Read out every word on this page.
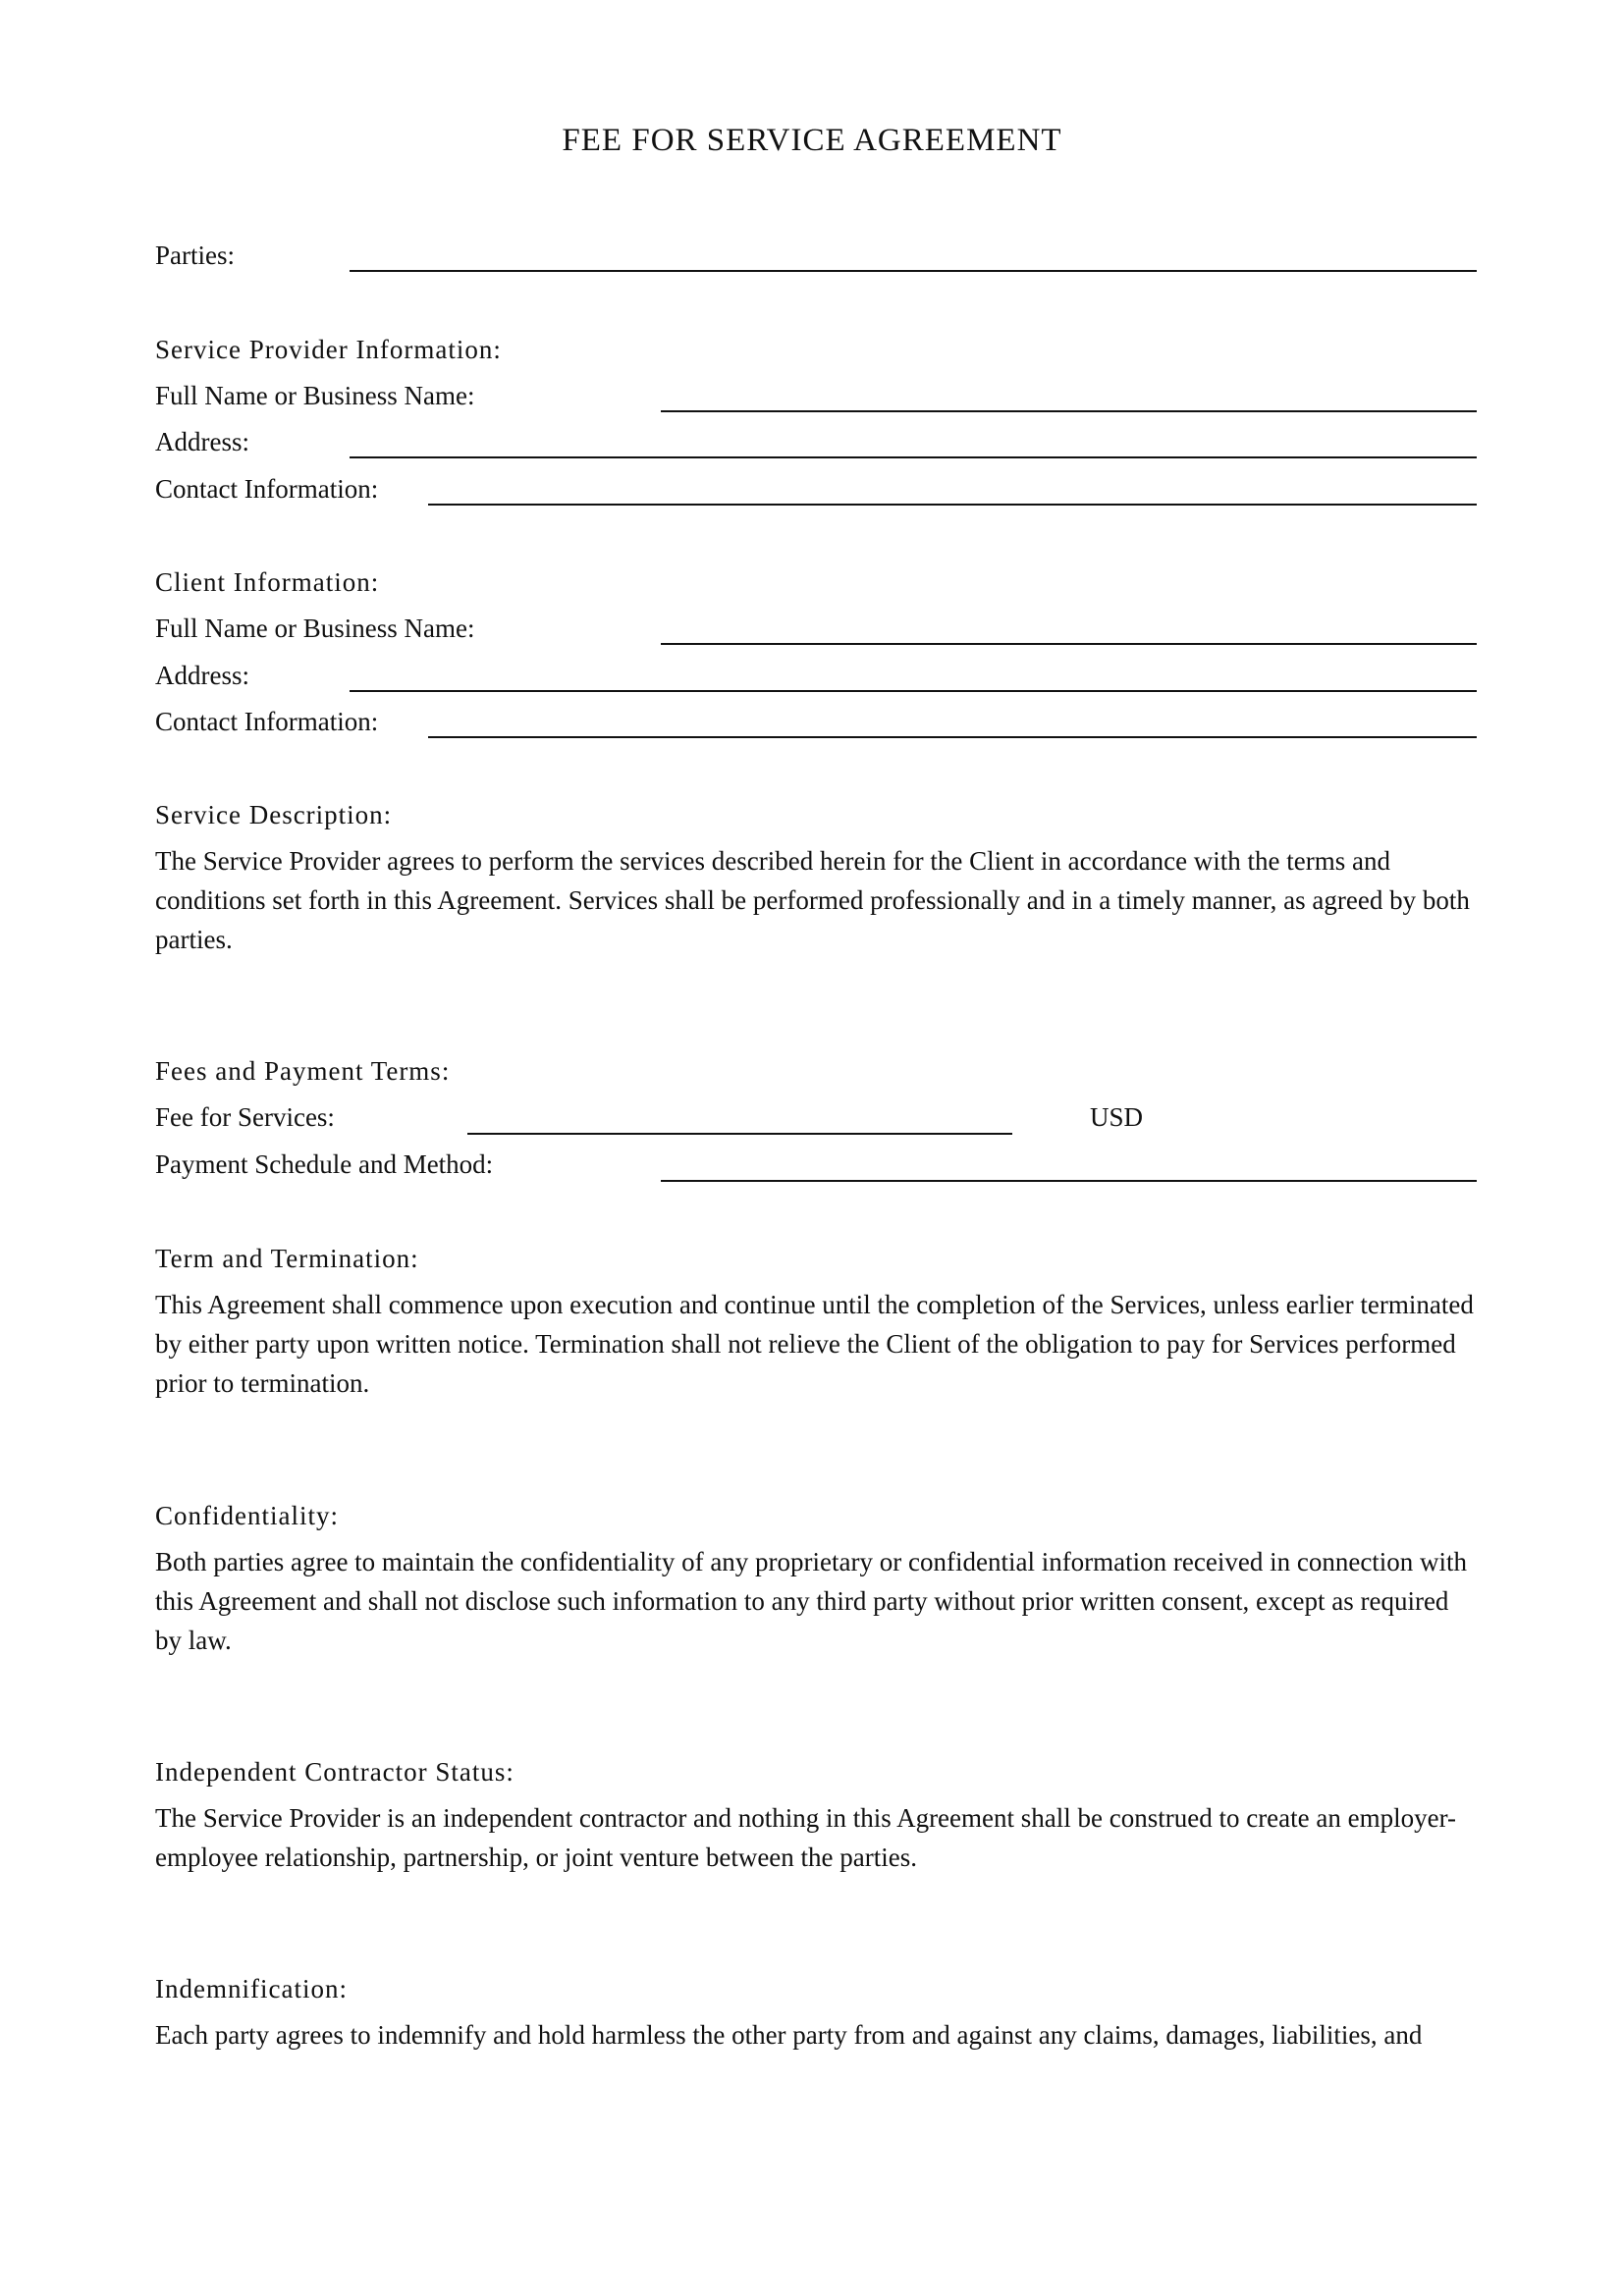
FEE FOR SERVICE AGREEMENT
Parties:
Service Provider Information:
Full Name or Business Name:
Address:
Contact Information:
Client Information:
Full Name or Business Name:
Address:
Contact Information:
Service Description:
The Service Provider agrees to perform the services described herein for the Client in accordance with the terms and conditions set forth in this Agreement. Services shall be performed professionally and in a timely manner, as agreed by both parties.
Fees and Payment Terms:
Fee for Services:	USD
Payment Schedule and Method:
Term and Termination:
This Agreement shall commence upon execution and continue until the completion of the Services, unless earlier terminated by either party upon written notice. Termination shall not relieve the Client of the obligation to pay for Services performed prior to termination.
Confidentiality:
Both parties agree to maintain the confidentiality of any proprietary or confidential information received in connection with this Agreement and shall not disclose such information to any third party without prior written consent, except as required by law.
Independent Contractor Status:
The Service Provider is an independent contractor and nothing in this Agreement shall be construed to create an employer-employee relationship, partnership, or joint venture between the parties.
Indemnification:
Each party agrees to indemnify and hold harmless the other party from and against any claims, damages, liabilities, and
